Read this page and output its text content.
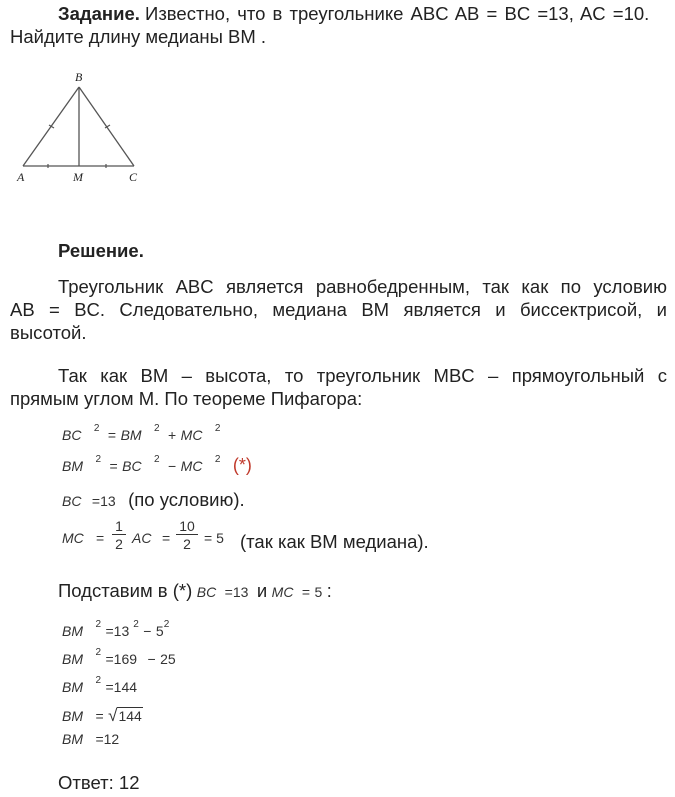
Задание. Известно, что в треугольнике ABC AB = BC =13, AC =10.
Найдите длину медианы BM .
B
A	M	C
Решение.
Треугольник ABC является равнобедренным, так как по условию
AB = BC. Следовательно, медиана BM является и биссектрисой, и
высотой.
Так как BM – высота, то треугольник MBC – прямоугольный с
прямым углом M. По теореме Пифагора:
BC $^2$ = BM $^2$ + MC $^2$
BM $^2$ = BC $^2$ − MC $^2$ (*)
BC =13 (по условию).
MC =
1
2 AC =
10
2 = 5 (так как BM медиана).
Подставим в (*) BC =13 и MC = 5 :
BM $^2$ =13 $^2$ − 5$^2$
BM $^2$ =169 − 25
BM $^2$ =144
BM = √144
BM =12
Ответ: 12
